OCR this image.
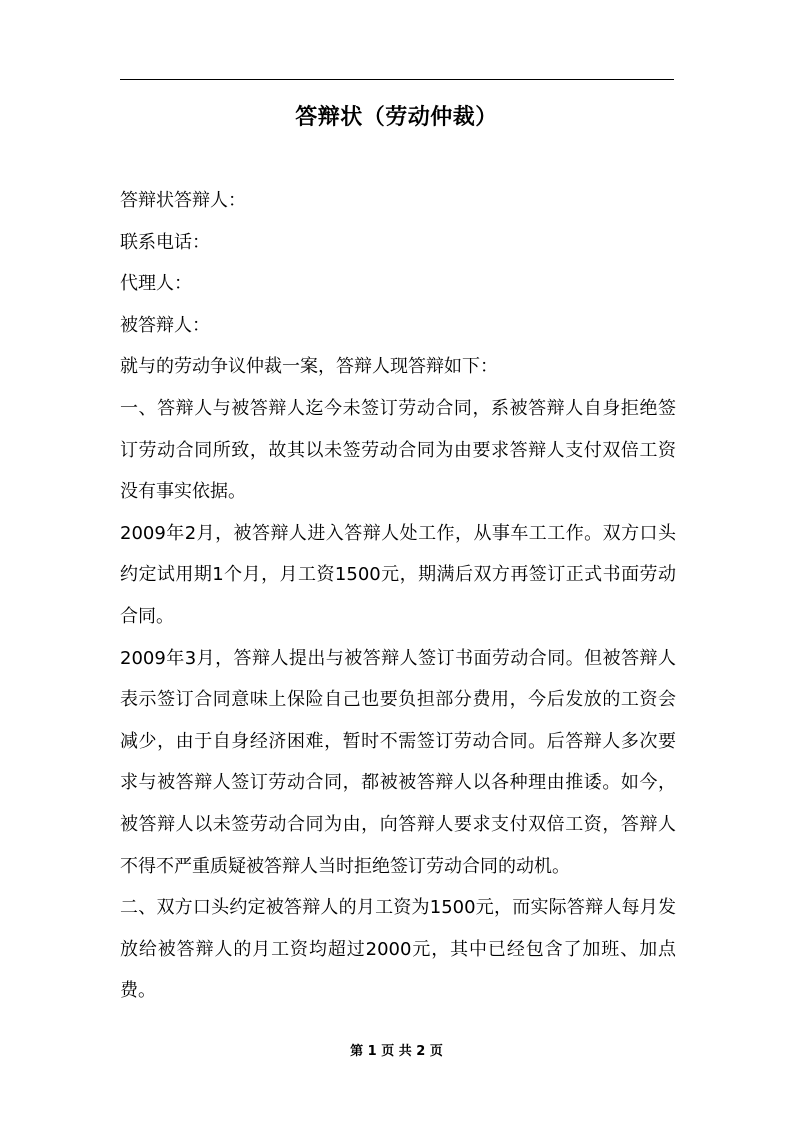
答辩状（劳动仲裁）

答辩状答辩人：

联系电话：

代理人：

被答辩人：

就与的劳动争议仲裁一案，答辩人现答辩如下：

一、答辩人与被答辩人迄今未签订劳动合同，系被答辩人自身拒绝签订劳动合同所致，故其以未签劳动合同为由要求答辩人支付双倍工资没有事实依据。

2009年2月，被答辩人进入答辩人处工作，从事车工工作。双方口头约定试用期1个月，月工资1500元，期满后双方再签订正式书面劳动合同。

2009年3月，答辩人提出与被答辩人签订书面劳动合同。但被答辩人表示签订合同意味上保险自己也要负担部分费用，今后发放的工资会减少，由于自身经济困难，暂时不需签订劳动合同。后答辩人多次要求与被答辩人签订劳动合同，都被被答辩人以各种理由推诿。如今，被答辩人以未签劳动合同为由，向答辩人要求支付双倍工资，答辩人不得不严重质疑被答辩人当时拒绝签订劳动合同的动机。

二、双方口头约定被答辩人的月工资为1500元，而实际答辩人每月发放给被答辩人的月工资均超过2000元，其中已经包含了加班、加点费。

第 1 页 共 2 页
